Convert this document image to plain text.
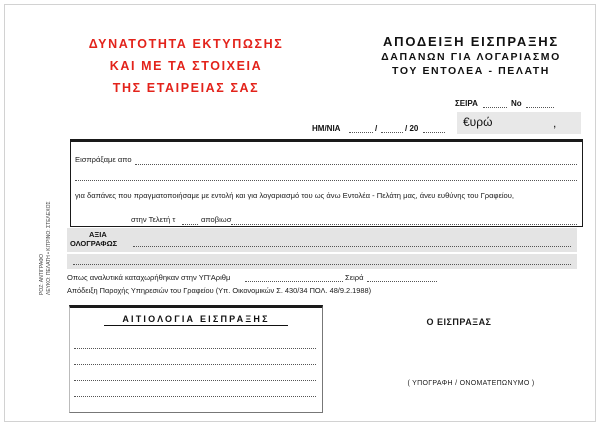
ΔΥΝΑΤΟΤΗΤΑ ΕΚΤΥΠΩΣΗΣ
ΚΑΙ ΜΕ ΤΑ ΣΤΟΙΧΕΙΑ
ΤΗΣ ΕΤΑΙΡΕΙΑΣ ΣΑΣ
ΑΠΟΔΕΙΞΗ ΕΙΣΠΡΑΞΗΣ
ΔΑΠΑΝΩΝ ΓΙΑ ΛΟΓΑΡΙΑΣΜΟ
ΤΟΥ ΕΝΤΟΛΕΑ - ΠΕΛΑΤΗ
ΣΕΙΡΑ	Νο
ΗΜ/ΝΙΑ	/	/ 20	€υρώ	,
Εισπράξαμε απο
για δαπάνες που πραγματοποιήσαμε με εντολή και για λογαριασμό του ως άνω Εντολέα - Πελάτη μας, άνευ ευθύνης του Γραφείου,
στην Τελετή τ	αποβιωσ
ΑΞΙΑ
ΟΛΟΓΡΑΦΩΣ
Οπως αναλυτικά καταχωρήθηκαν στην ΥΠ'Αριθμ	Σειρά
Απόδειξη Παροχής Υπηρεσιών του Γραφείου (Υπ. Οικονομικών Σ. 430/34 ΠΟΛ. 48/9.2.1988)
ΡΟΖ: ΑΝΤΙΓΡΑΦΟ ΛΕΥΚΟ: ΠΕΛΑΤΗ • ΚΙΤΡΙΝΟ: ΣΤΕΛΕΧΟΣ
ΑΙΤΙΟΛΟΓΙΑ ΕΙΣΠΡΑΞΗΣ	Ο ΕΙΣΠΡΑΞΑΣ
( ΥΠΟΓΡΑΦΗ / ΟΝΟΜΑΤΕΠΩΝΥΜΟ )
